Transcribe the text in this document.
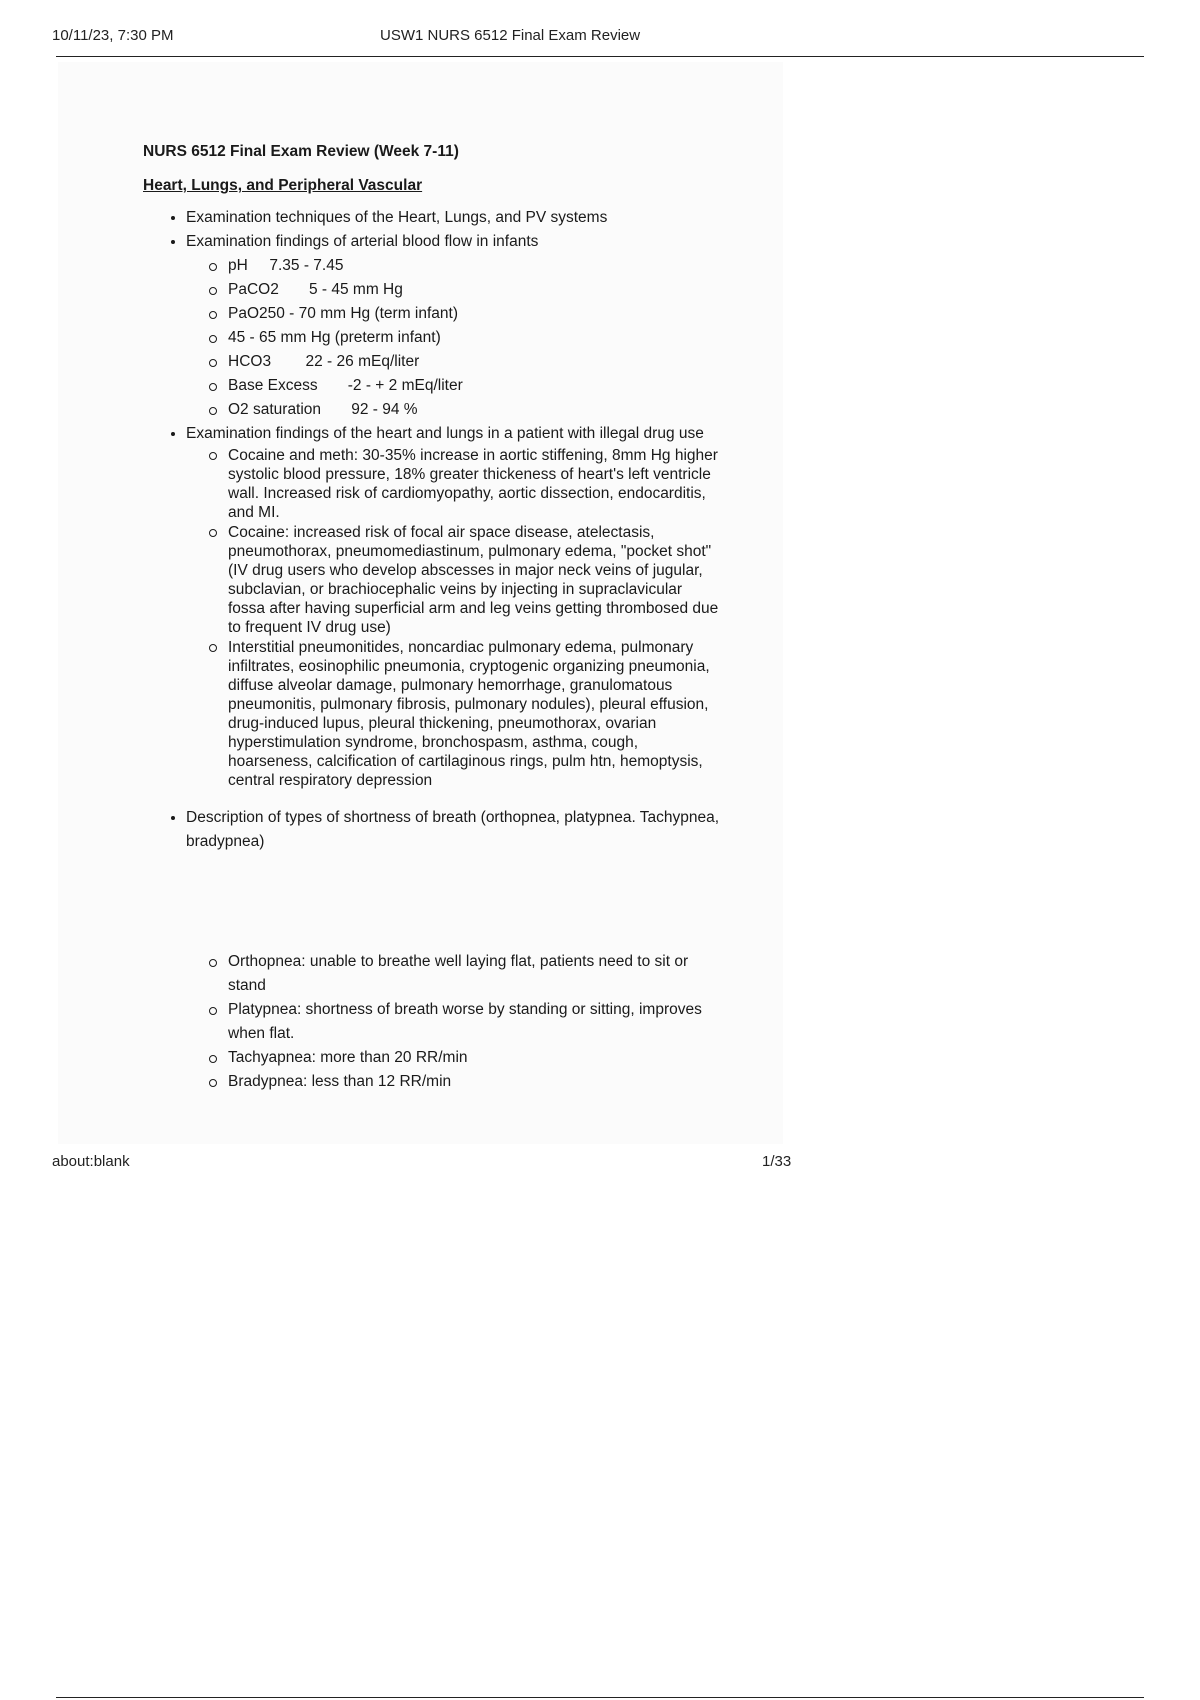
10/11/23, 7:30 PM	USW1 NURS 6512 Final Exam Review
NURS 6512 Final Exam Review (Week 7-11)
Heart, Lungs, and Peripheral Vascular
• Examination techniques of the Heart, Lungs, and PV systems
• Examination findings of arterial blood flow in infants
pH     7.35 - 7.45
PaCO2       5 - 45 mm Hg
PaO250 - 70 mm Hg (term infant)
45 - 65 mm Hg (preterm infant)
HCO3        22 - 26 mEq/liter
Base Excess       -2 - + 2 mEq/liter
O2 saturation       92 - 94 %
• Examination findings of the heart and lungs in a patient with illegal drug use
Cocaine and meth: 30-35% increase in aortic stiffening, 8mm Hg higher systolic blood pressure, 18% greater thickeness of heart's left ventricle wall. Increased risk of cardiomyopathy, aortic dissection, endocarditis, and MI.
Cocaine: increased risk of focal air space disease, atelectasis, pneumothorax, pneumomediastinum, pulmonary edema, "pocket shot" (IV drug users who develop abscesses in major neck veins of jugular, subclavian, or brachiocephalic veins by injecting in supraclavicular fossa after having superficial arm and leg veins getting thrombosed due to frequent IV drug use)
Interstitial pneumonitides, noncardiac pulmonary edema, pulmonary infiltrates, eosinophilic pneumonia, cryptogenic organizing pneumonia, diffuse alveolar damage, pulmonary hemorrhage, granulomatous pneumonitis, pulmonary fibrosis, pulmonary nodules), pleural effusion, drug-induced lupus, pleural thickening, pneumothorax, ovarian hyperstimulation syndrome, bronchospasm, asthma, cough, hoarseness, calcification of cartilaginous rings, pulm htn, hemoptysis, central respiratory depression
• Description of types of shortness of breath (orthopnea, platypnea. Tachypnea, bradypnea)
Orthopnea: unable to breathe well laying flat, patients need to sit or stand
Platypnea: shortness of breath worse by standing or sitting, improves when flat.
Tachyapnea: more than 20 RR/min
Bradypnea: less than 12 RR/min
about:blank	1/33
